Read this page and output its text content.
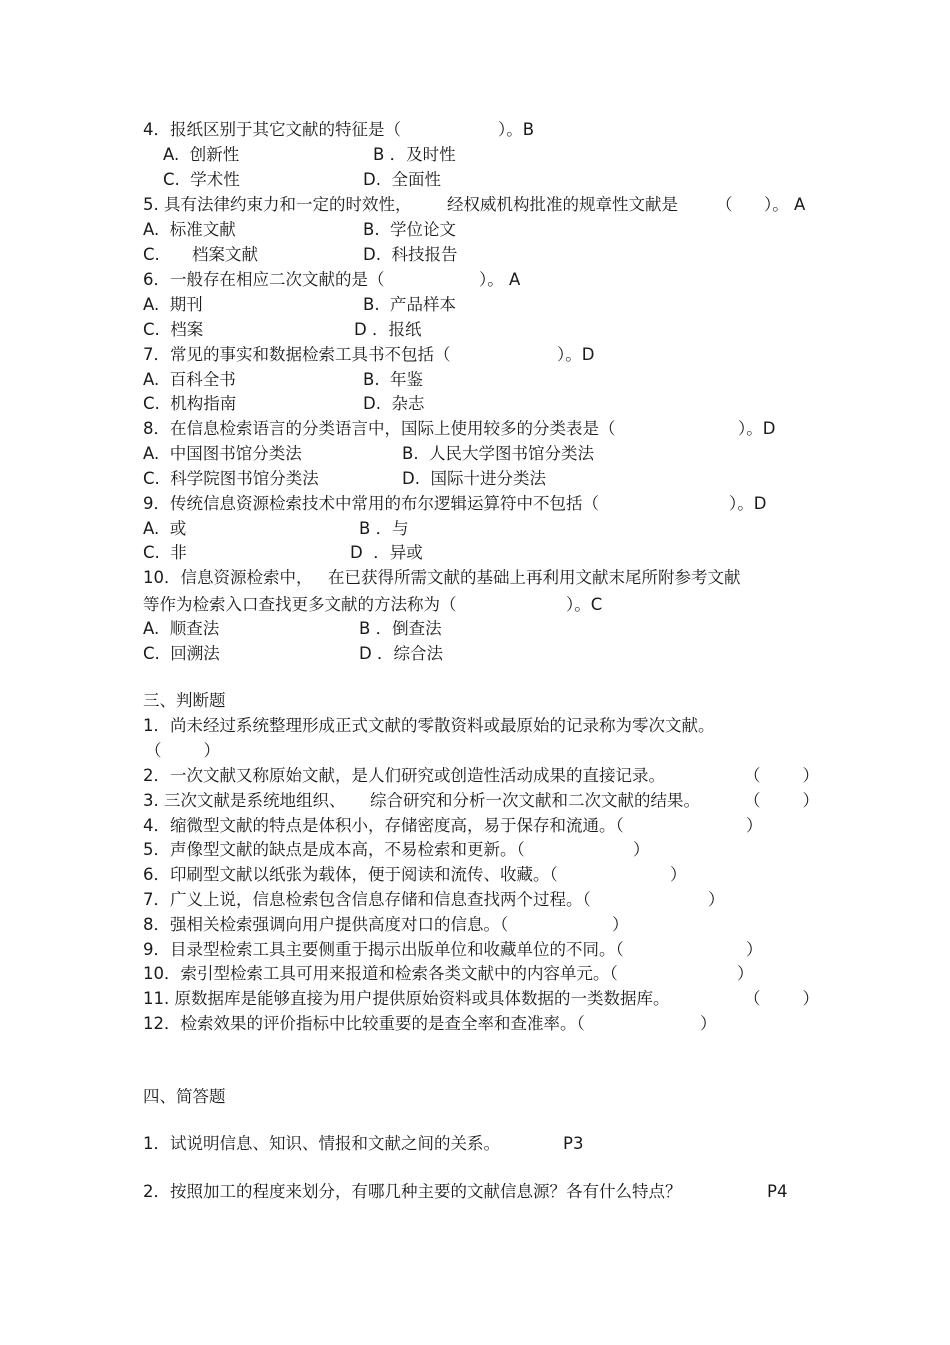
4．报纸区别于其它文献的特征是（	）。B
A.  创新性	B ．及时性
C.  学术性	D.  全面性
5. 具有法律约束力和一定的时效性， 经权威机构批准的规章性文献是 （      ）。 A
A.  标准文献	B.  学位论文
C. 档案文献	D.  科技报告
6．一般存在相应二次文献的是（	）。 A
A.  期刊	B.  产品样本
C.  档案	D ．报纸
7．常见的事实和数据检索工具书不包括（	）。D
A.  百科全书	B.  年鉴
C.  机构指南	D.  杂志
8．在信息检索语言的分类语言中，国际上使用较多的分类表是（	）。D
A.  中国图书馆分类法	B.  人民大学图书馆分类法
C.  科学院图书馆分类法	D.  国际十进分类法
9．传统信息资源检索技术中常用的布尔逻辑运算符中不包括（	）。D
A.  或	B ．与
C.  非	D  ．异或
10．信息资源检索中， 在已获得所需文献的基础上再利用文献末尾所附参考文献
等作为检索入口查找更多文献的方法称为（	）。C
A.  顺查法	B ．倒查法
C.  回溯法	D ．综合法
三、判断题
1．尚未经过系统整理形成正式文献的零散资料或最原始的记录称为零次文献。
（        ）
2．一次文献又称原始文献，是人们研究或创造性活动成果的直接记录。	（        ）
3. 三次文献是系统地组织、 综合研究和分析一次文献和二次文献的结果。	（        ）
4．缩微型文献的特点是体积小，存储密度高，易于保存和流通。（	）
5．声像型文献的缺点是成本高，不易检索和更新。（	）
6．印刷型文献以纸张为载体，便于阅读和流传、收藏。（	）
7．广义上说，信息检索包含信息存储和信息查找两个过程。（	）
8．强相关检索强调向用户提供高度对口的信息。（	）
9．目录型检索工具主要侧重于揭示出版单位和收藏单位的不同。（	）
10．索引型检索工具可用来报道和检索各类文献中的内容单元。（	）
11. 原数据库是能够直接为用户提供原始资料或具体数据的一类数据库。	（        ）
12．检索效果的评价指标中比较重要的是查全率和查准率。（	）
四、简答题
1．试说明信息、知识、情报和文献之间的关系。	P3
2．按照加工的程度来划分，有哪几种主要的文献信息源？各有什么特点？	P4
